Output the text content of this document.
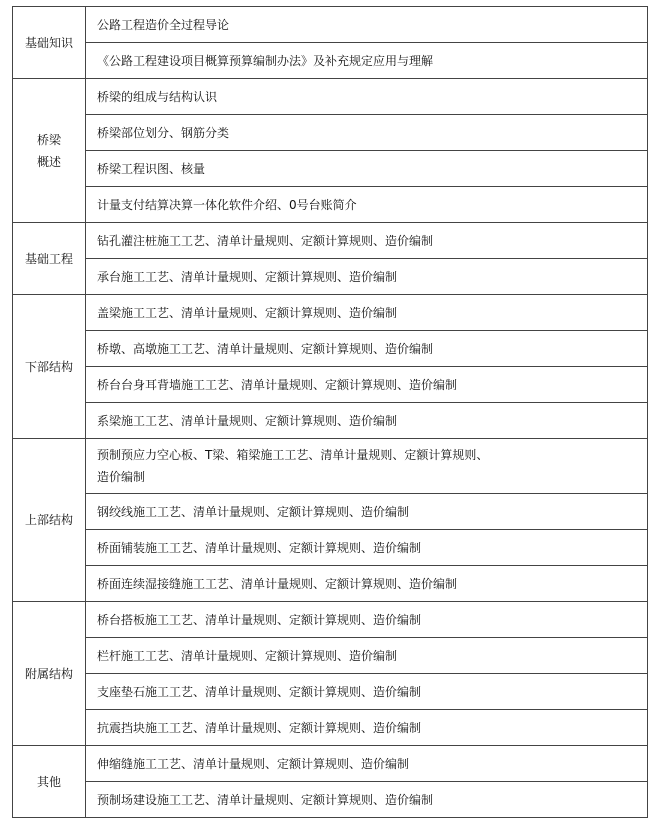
基础知识	公路工程造价全过程导论
	《公路工程建设项目概算预算编制办法》及补充规定应用与理解

桥梁
概述	桥梁的组成与结构认识
	桥梁部位划分、钢筋分类
	桥梁工程识图、核量
	计量支付结算决算一体化软件介绍、0号台账简介

基础工程	钻孔灌注桩施工工艺、清单计量规则、定额计算规则、造价编制
	承台施工工艺、清单计量规则、定额计算规则、造价编制

下部结构	盖梁施工工艺、清单计量规则、定额计算规则、造价编制
	桥墩、高墩施工工艺、清单计量规则、定额计算规则、造价编制
	桥台台身耳背墙施工工艺、清单计量规则、定额计算规则、造价编制
	系梁施工工艺、清单计量规则、定额计算规则、造价编制

上部结构	预制预应力空心板、T梁、箱梁施工工艺、清单计量规则、定额计算规则、
造价编制

	钢绞线施工工艺、清单计量规则、定额计算规则、造价编制
	桥面铺装施工工艺、清单计量规则、定额计算规则、造价编制
	桥面连续湿接缝施工工艺、清单计量规则、定额计算规则、造价编制

附属结构	桥台搭板施工工艺、清单计量规则、定额计算规则、造价编制
	栏杆施工工艺、清单计量规则、定额计算规则、造价编制
	支座垫石施工工艺、清单计量规则、定额计算规则、造价编制
	抗震挡块施工工艺、清单计量规则、定额计算规则、造价编制

其他	伸缩缝施工工艺、清单计量规则、定额计算规则、造价编制
	预制场建设施工工艺、清单计量规则、定额计算规则、造价编制
